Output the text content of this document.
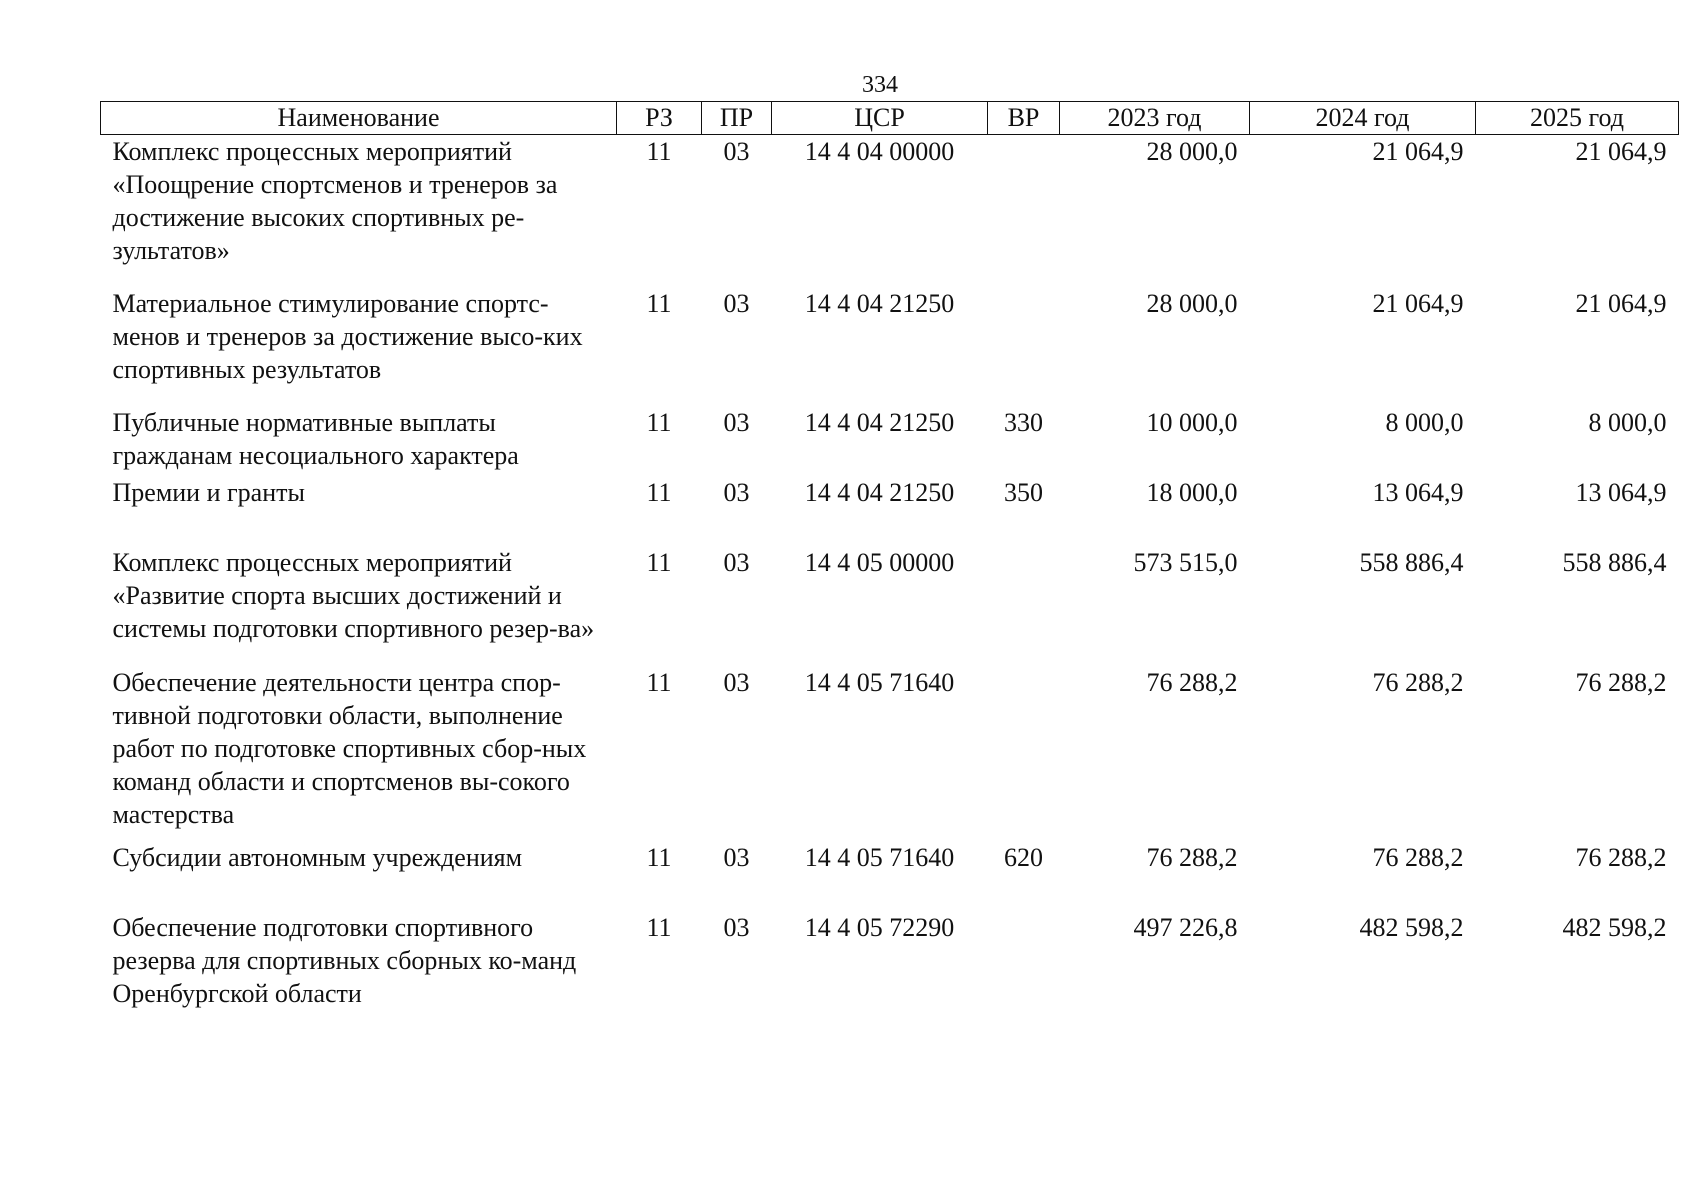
334
Наименование	РЗ	ПР	ЦСР	ВР	2023 год	2024 год	2025 год
Комплекс процессных мероприятий «Поощрение спортсменов и тренеров за достижение высоких спортивных ре-зультатов»	11	03	14 4 04 00000		28 000,0	21 064,9	21 064,9
Материальное стимулирование спортс-менов и тренеров за достижение высо-ких спортивных результатов	11	03	14 4 04 21250		28 000,0	21 064,9	21 064,9
Публичные нормативные выплаты гражданам несоциального характера	11	03	14 4 04 21250	330	10 000,0	8 000,0	8 000,0
Премии и гранты	11	03	14 4 04 21250	350	18 000,0	13 064,9	13 064,9
Комплекс процессных мероприятий «Развитие спорта высших достижений и системы подготовки спортивного резер-ва»	11	03	14 4 05 00000		573 515,0	558 886,4	558 886,4
Обеспечение деятельности центра спор-тивной подготовки области, выполнение работ по подготовке спортивных сбор-ных команд области и спортсменов вы-сокого мастерства	11	03	14 4 05 71640		76 288,2	76 288,2	76 288,2
Субсидии автономным учреждениям	11	03	14 4 05 71640	620	76 288,2	76 288,2	76 288,2
Обеспечение подготовки спортивного резерва для спортивных сборных ко-манд Оренбургской области	11	03	14 4 05 72290		497 226,8	482 598,2	482 598,2
